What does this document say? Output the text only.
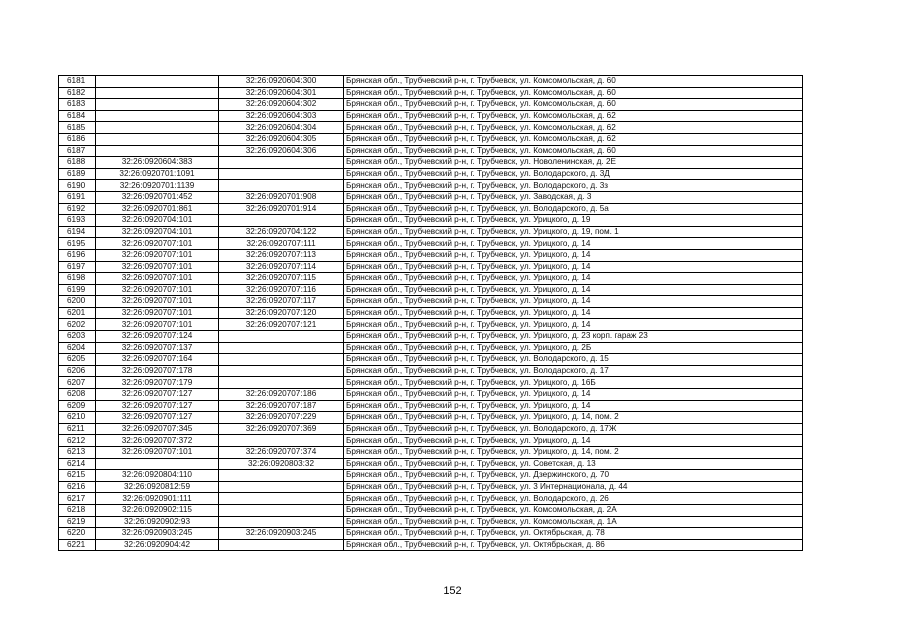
6181		32:26:0920604:300	Брянская обл., Трубчевский р-н, г. Трубчевск, ул. Комсомольская, д. 60
6182		32:26:0920604:301	Брянская обл., Трубчевский р-н, г. Трубчевск, ул. Комсомольская, д. 60
6183		32:26:0920604:302	Брянская обл., Трубчевский р-н, г. Трубчевск, ул. Комсомольская, д. 60
6184		32:26:0920604:303	Брянская обл., Трубчевский р-н, г. Трубчевск, ул. Комсомольская, д. 62
6185		32:26:0920604:304	Брянская обл., Трубчевский р-н, г. Трубчевск, ул. Комсомольская, д. 62
6186		32:26:0920604:305	Брянская обл., Трубчевский р-н, г. Трубчевск, ул. Комсомольская, д. 62
6187		32:26:0920604:306	Брянская обл., Трубчевский р-н, г. Трубчевск, ул. Комсомольская, д. 60
6188	32:26:0920604:383		Брянская обл., Трубчевский р-н, г. Трубчевск, ул. Новоленинская, д. 2Е
6189	32:26:0920701:1091		Брянская обл., Трубчевский р-н, г. Трубчевск, ул. Володарского, д. 3Д
6190	32:26:0920701:1139		Брянская обл., Трубчевский р-н, г. Трубчевск, ул. Володарского, д. 3з
6191	32:26:0920701:452	32:26:0920701:908	Брянская обл., Трубчевский р-н, г. Трубчевск, ул. Заводская, д. 3
6192	32:26:0920701:861	32:26:0920701:914	Брянская обл., Трубчевский р-н, г. Трубчевск, ул. Володарского, д. 5а
6193	32:26:0920704:101		Брянская обл., Трубчевский р-н, г. Трубчевск, ул. Урицкого, д. 19
6194	32:26:0920704:101	32:26:0920704:122	Брянская обл., Трубчевский р-н, г. Трубчевск, ул. Урицкого, д. 19, пом. 1
6195	32:26:0920707:101	32:26:0920707:111	Брянская обл., Трубчевский р-н, г. Трубчевск, ул. Урицкого, д. 14
6196	32:26:0920707:101	32:26:0920707:113	Брянская обл., Трубчевский р-н, г. Трубчевск, ул. Урицкого, д. 14
6197	32:26:0920707:101	32:26:0920707:114	Брянская обл., Трубчевский р-н, г. Трубчевск, ул. Урицкого, д. 14
6198	32:26:0920707:101	32:26:0920707:115	Брянская обл., Трубчевский р-н, г. Трубчевск, ул. Урицкого, д. 14
6199	32:26:0920707:101	32:26:0920707:116	Брянская обл., Трубчевский р-н, г. Трубчевск, ул. Урицкого, д. 14
6200	32:26:0920707:101	32:26:0920707:117	Брянская обл., Трубчевский р-н, г. Трубчевск, ул. Урицкого, д. 14
6201	32:26:0920707:101	32:26:0920707:120	Брянская обл., Трубчевский р-н, г. Трубчевск, ул. Урицкого, д. 14
6202	32:26:0920707:101	32:26:0920707:121	Брянская обл., Трубчевский р-н, г. Трубчевск, ул. Урицкого, д. 14
6203	32:26:0920707:124		Брянская обл., Трубчевский р-н, г. Трубчевск, ул. Урицкого, д. 23 корп. гараж 23
6204	32:26:0920707:137		Брянская обл., Трубчевский р-н, г. Трубчевск, ул. Урицкого, д. 2Б
6205	32:26:0920707:164		Брянская обл., Трубчевский р-н, г. Трубчевск, ул. Володарского, д. 15
6206	32:26:0920707:178		Брянская обл., Трубчевский р-н, г. Трубчевск, ул. Володарского, д. 17
6207	32:26:0920707:179		Брянская обл., Трубчевский р-н, г. Трубчевск, ул. Урицкого, д. 16Б
6208	32:26:0920707:127	32:26:0920707:186	Брянская обл., Трубчевский р-н, г. Трубчевск, ул. Урицкого, д. 14
6209	32:26:0920707:127	32:26:0920707:187	Брянская обл., Трубчевский р-н, г. Трубчевск, ул. Урицкого, д. 14
6210	32:26:0920707:127	32:26:0920707:229	Брянская обл., Трубчевский р-н, г. Трубчевск, ул. Урицкого, д. 14, пом. 2
6211	32:26:0920707:345	32:26:0920707:369	Брянская обл., Трубчевский р-н, г. Трубчевск, ул. Володарского, д. 17Ж
6212	32:26:0920707:372		Брянская обл., Трубчевский р-н, г. Трубчевск, ул. Урицкого, д. 14
6213	32:26:0920707:101	32:26:0920707:374	Брянская обл., Трубчевский р-н, г. Трубчевск, ул. Урицкого, д. 14, пом. 2
6214		32:26:0920803:32	Брянская обл., Трубчевский р-н, г. Трубчевск, ул. Советская, д. 13
6215	32:26:0920804:110		Брянская обл., Трубчевский р-н, г. Трубчевск, ул. Дзержинского, д. 70
6216	32:26:0920812:59		Брянская обл., Трубчевский р-н, г. Трубчевск, ул. 3 Интернационала, д. 44
6217	32:26:0920901:111		Брянская обл., Трубчевский р-н, г. Трубчевск, ул. Володарского, д. 26
6218	32:26:0920902:115		Брянская обл., Трубчевский р-н, г. Трубчевск, ул. Комсомольская, д. 2А
6219	32:26:0920902:93		Брянская обл., Трубчевский р-н, г. Трубчевск, ул. Комсомольская, д. 1А
6220	32:26:0920903:245	32:26:0920903:245	Брянская обл., Трубчевский р-н, г. Трубчевск, ул. Октябрьская, д. 78
6221	32:26:0920904:42		Брянская обл., Трубчевский р-н, г. Трубчевск, ул. Октябрьская, д. 86
152
